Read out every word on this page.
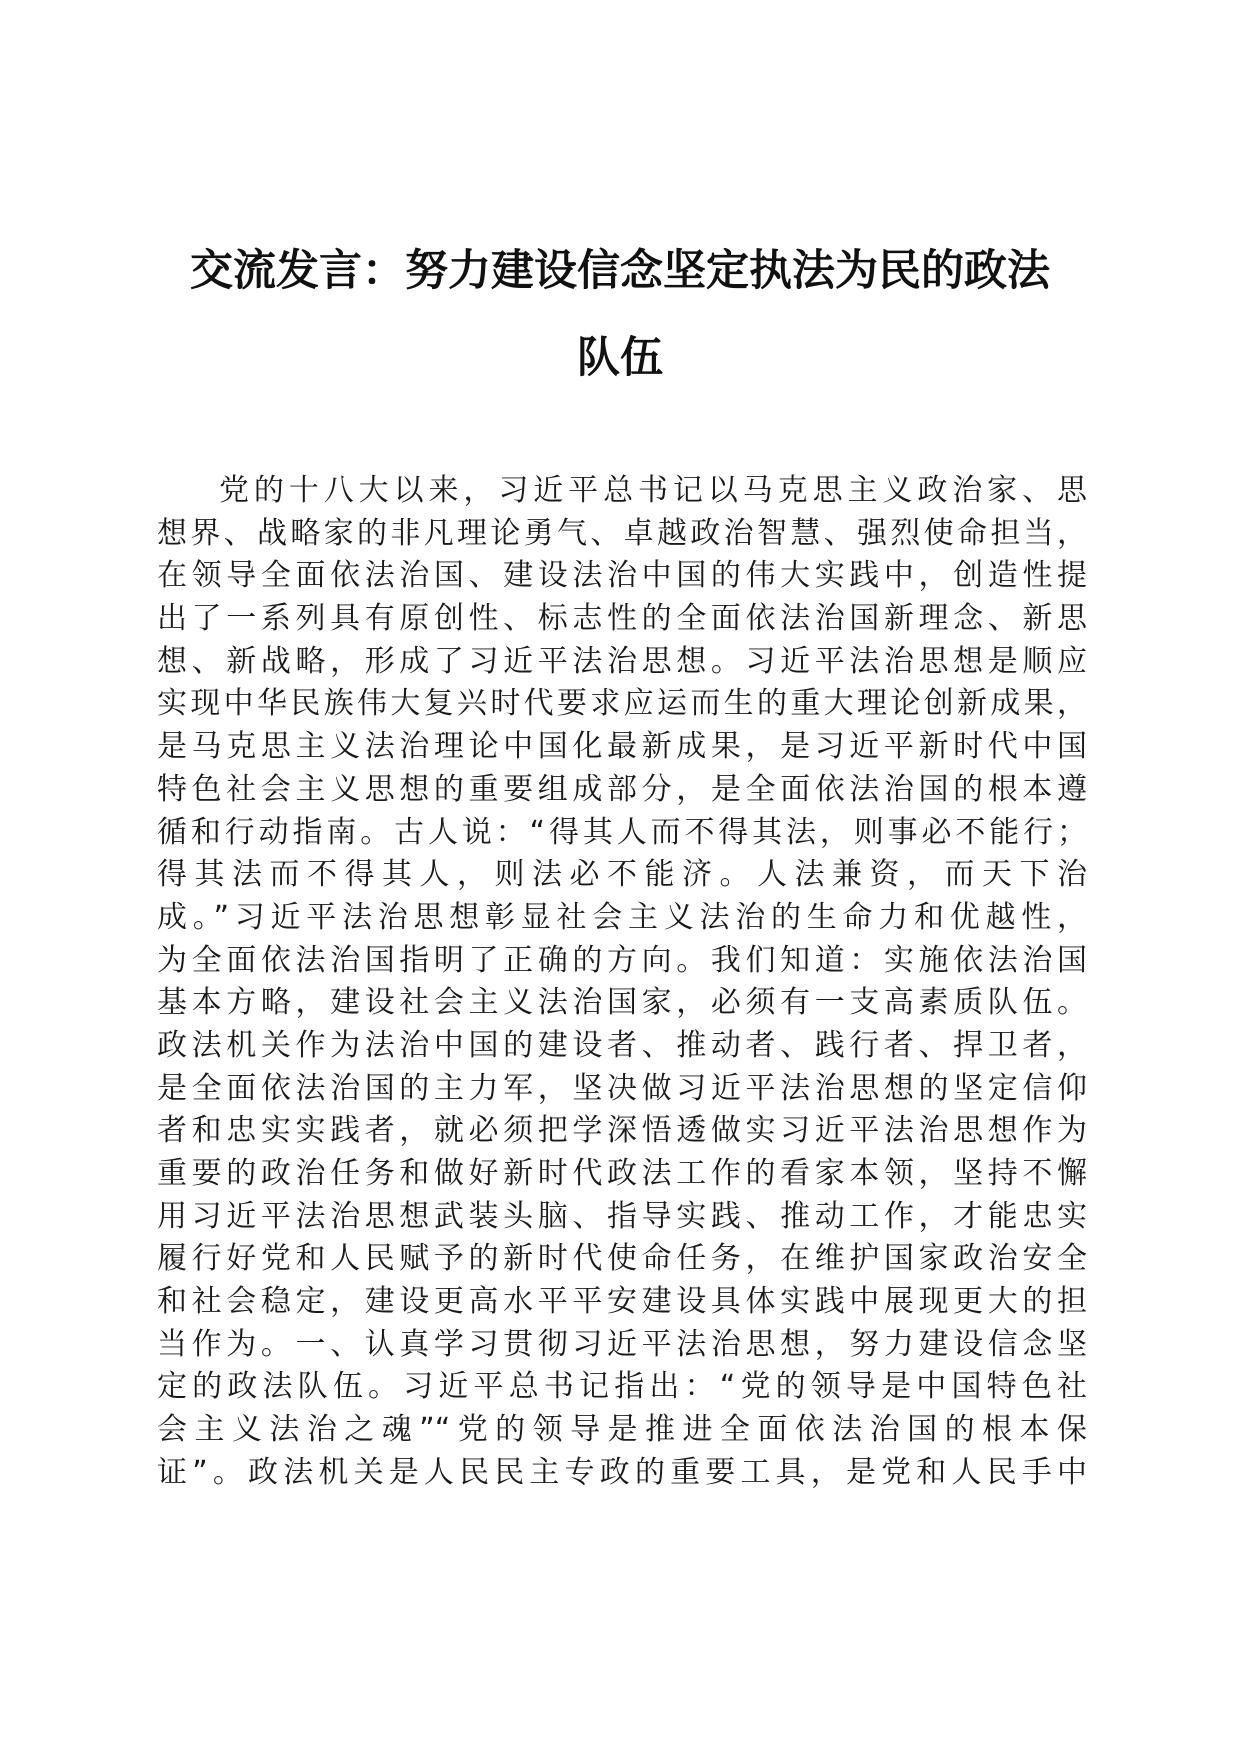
交流发言：努力建设信念坚定执法为民的政法
队伍
党的十八大以来，习近平总书记以马克思主义政治家、思
想界、战略家的非凡理论勇气、卓越政治智慧、强烈使命担当，
在领导全面依法治国、建设法治中国的伟大实践中，创造性提
出了一系列具有原创性、标志性的全面依法治国新理念、新思
想、新战略，形成了习近平法治思想。习近平法治思想是顺应
实现中华民族伟大复兴时代要求应运而生的重大理论创新成果，
是马克思主义法治理论中国化最新成果，是习近平新时代中国
特色社会主义思想的重要组成部分，是全面依法治国的根本遵
循和行动指南。古人说：“得其人而不得其法，则事必不能行；
得其法而不得其人，则法必不能济。人法兼资，而天下治
成。”习近平法治思想彰显社会主义法治的生命力和优越性，
为全面依法治国指明了正确的方向。我们知道：实施依法治国
基本方略，建设社会主义法治国家，必须有一支高素质队伍。
政法机关作为法治中国的建设者、推动者、践行者、捍卫者，
是全面依法治国的主力军，坚决做习近平法治思想的坚定信仰
者和忠实实践者，就必须把学深悟透做实习近平法治思想作为
重要的政治任务和做好新时代政法工作的看家本领，坚持不懈
用习近平法治思想武装头脑、指导实践、推动工作，才能忠实
履行好党和人民赋予的新时代使命任务，在维护国家政治安全
和社会稳定，建设更高水平平安建设具体实践中展现更大的担
当作为。一、认真学习贯彻习近平法治思想，努力建设信念坚
定的政法队伍。习近平总书记指出：“党的领导是中国特色社
会主义法治之魂”“党的领导是推进全面依法治国的根本保
证”。政法机关是人民民主专政的重要工具，是党和人民手中
